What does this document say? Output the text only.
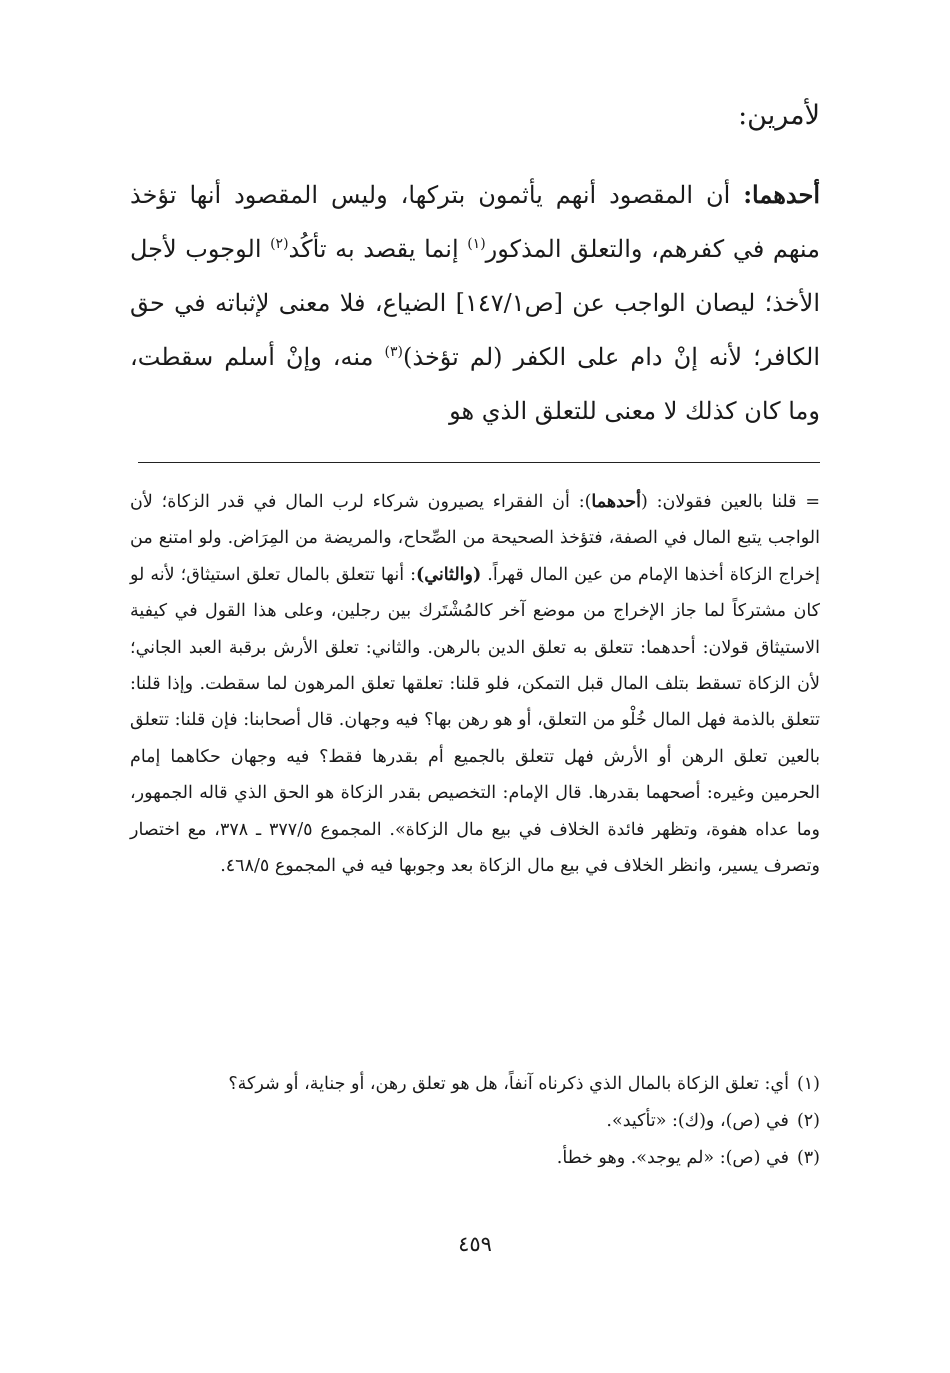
لأمرين:

أحدهما: أن المقصود أنهم يأثمون بتركها، وليس المقصود أنها تؤخذ منهم في كفرهم، والتعلق المذكور$^{(١)}$ إنما يقصد به تأكُد$^{(٢)}$ الوجوب لأجل الأخذ؛ ليصان الواجب عن [ص١٤٧/١] الضياع، فلا معنى لإثباته في حق الكافر؛ لأنه إنْ دام على الكفر (لم تؤخذ)$^{(٣)}$ منه، وإنْ أسلم سقطت، وما كان كذلك لا معنى للتعلق الذي هو

= قلنا بالعين فقولان: (أحدهما): أن الفقراء يصيرون شركاء لرب المال في قدر الزكاة؛ لأن الواجب يتبع المال في الصفة، فتؤخذ الصحيحة من الصِّحاح، والمريضة من المِرَاض. ولو امتنع من إخراج الزكاة أخذها الإمام من عين المال قهراً. (والثاني): أنها تتعلق بالمال تعلق استيثاق؛ لأنه لو كان مشتركاً لما جاز الإخراج من موضع آخر كالمُشْتَرك بين رجلين، وعلى هذا القول في كيفية الاستيثاق قولان: أحدهما: تتعلق به تعلق الدين بالرهن. والثاني: تعلق الأرش برقبة العبد الجاني؛ لأن الزكاة تسقط بتلف المال قبل التمكن، فلو قلنا: تعلقها تعلق المرهون لما سقطت. وإذا قلنا: تتعلق بالذمة فهل المال خُلْو من التعلق، أو هو رهن بها؟ فيه وجهان. قال أصحابنا: فإن قلنا: تتعلق بالعين تعلق الرهن أو الأرش فهل تتعلق بالجميع أم بقدرها فقط؟ فيه وجهان حكاهما إمام الحرمين وغيره: أصحهما بقدرها. قال الإمام: التخصيص بقدر الزكاة هو الحق الذي قاله الجمهور، وما عداه هفوة، وتظهر فائدة الخلاف في بيع مال الزكاة». المجموع ٣٧٧/٥ ـ ٣٧٨، مع اختصار وتصرف يسير، وانظر الخلاف في بيع مال الزكاة بعد وجوبها فيه في المجموع ٤٦٨/٥.

(١)
أي: تعلق الزكاة بالمال الذي ذكرناه آنفاً، هل هو تعلق رهن، أو جناية، أو شركة؟
(٢)
في (ص)، و(ك): «تأكيد».
(٣)
في (ص): «لم يوجد». وهو خطأ.
٤٥٩
